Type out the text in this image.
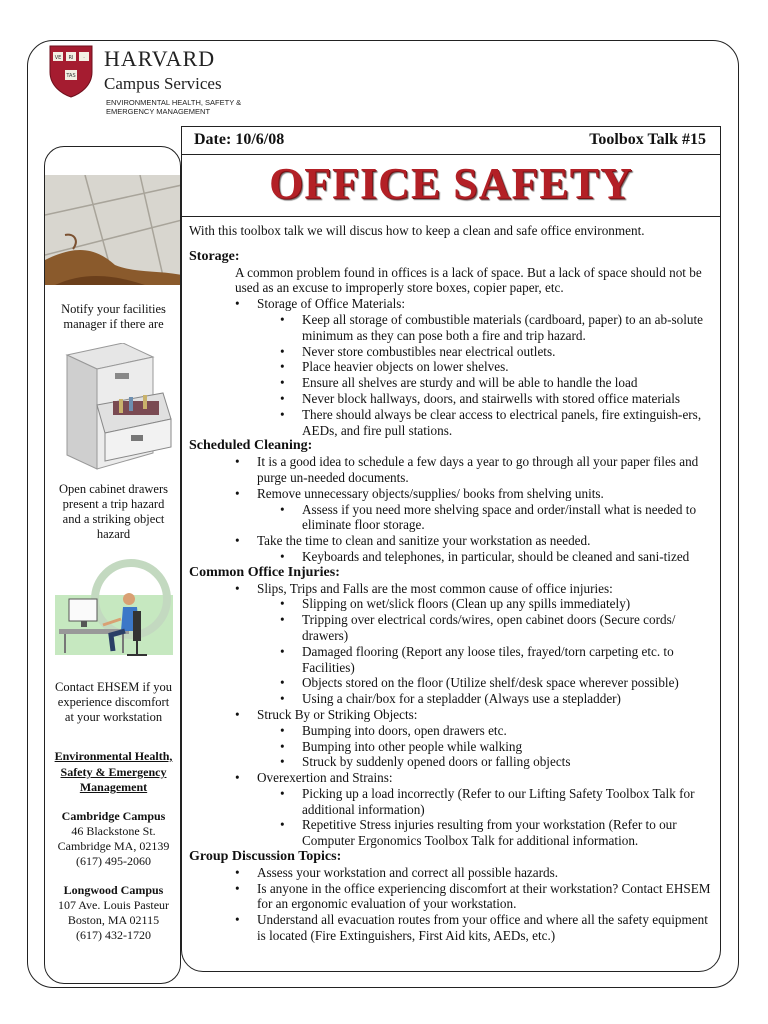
VE RI ·
TAS
HARVARD
Campus Services
ENVIRONMENTAL HEALTH, SAFETY &
EMERGENCY MANAGEMENT
Notify your facilities
manager if there are
Open cabinet drawers
present a trip hazard
and a striking object
hazard
Contact EHSEM if you
experience discomfort
at your workstation
Environmental Health,
Safety & Emergency
Management
Cambridge Campus
46 Blackstone St.
Cambridge MA, 02139
(617) 495-2060
Longwood Campus
107 Ave. Louis Pasteur
Boston, MA 02115
(617) 432-1720
Date: 10/6/08	Toolbox Talk #15
OFFICE SAFETY

With this toolbox talk we will discus how to keep a clean and safe office environment.

Storage:

A common problem found in offices is a lack of space. But a lack of space should not be used as an excuse to improperly store boxes, copier paper, etc.

• Storage of Office Materials:

• Keep all storage of combustible materials (cardboard, paper) to an ab-solute minimum as they can pose both a fire and trip hazard.

• Never store combustibles near electrical outlets.

• Place heavier objects on lower shelves.

• Ensure all shelves are sturdy and will be able to handle the load

• Never block hallways, doors, and stairwells with stored office materials

• There should always be clear access to electrical panels, fire extinguish-ers, AEDs, and fire pull stations.

Scheduled Cleaning:

• It is a good idea to schedule a few days a year to go through all your paper files and purge un-needed documents.

• Remove unnecessary objects/supplies/ books from shelving units.

• Assess if you need more shelving space and order/install what is needed to eliminate floor storage.

• Take the time to clean and sanitize your workstation as needed.

• Keyboards and telephones, in particular, should be cleaned and sani-tized

Common Office Injuries:

• Slips, Trips and Falls are the most common cause of office injuries:

• Slipping on wet/slick floors (Clean up any spills immediately)

• Tripping over electrical cords/wires, open cabinet doors (Secure cords/ drawers)

• Damaged flooring (Report any loose tiles, frayed/torn carpeting etc. to Facilities)

• Objects stored on the floor (Utilize shelf/desk space wherever possible)

• Using a chair/box for a stepladder (Always use a stepladder)

• Struck By or Striking Objects:

• Bumping into doors, open drawers etc.

• Bumping into other people while walking

• Struck by suddenly opened doors or falling objects

• Overexertion and Strains:

• Picking up a load incorrectly (Refer to our Lifting Safety Toolbox Talk for additional information)

• Repetitive Stress injuries resulting from your workstation (Refer to our Computer Ergonomics Toolbox Talk for additional information.

Group Discussion Topics:

• Assess your workstation and correct all possible hazards.

• Is anyone in the office experiencing discomfort at their workstation? Contact EHSEM for an ergonomic evaluation of your workstation.

• Understand all evacuation routes from your office and where all the safety equipment is located (Fire Extinguishers, First Aid kits, AEDs, etc.)
